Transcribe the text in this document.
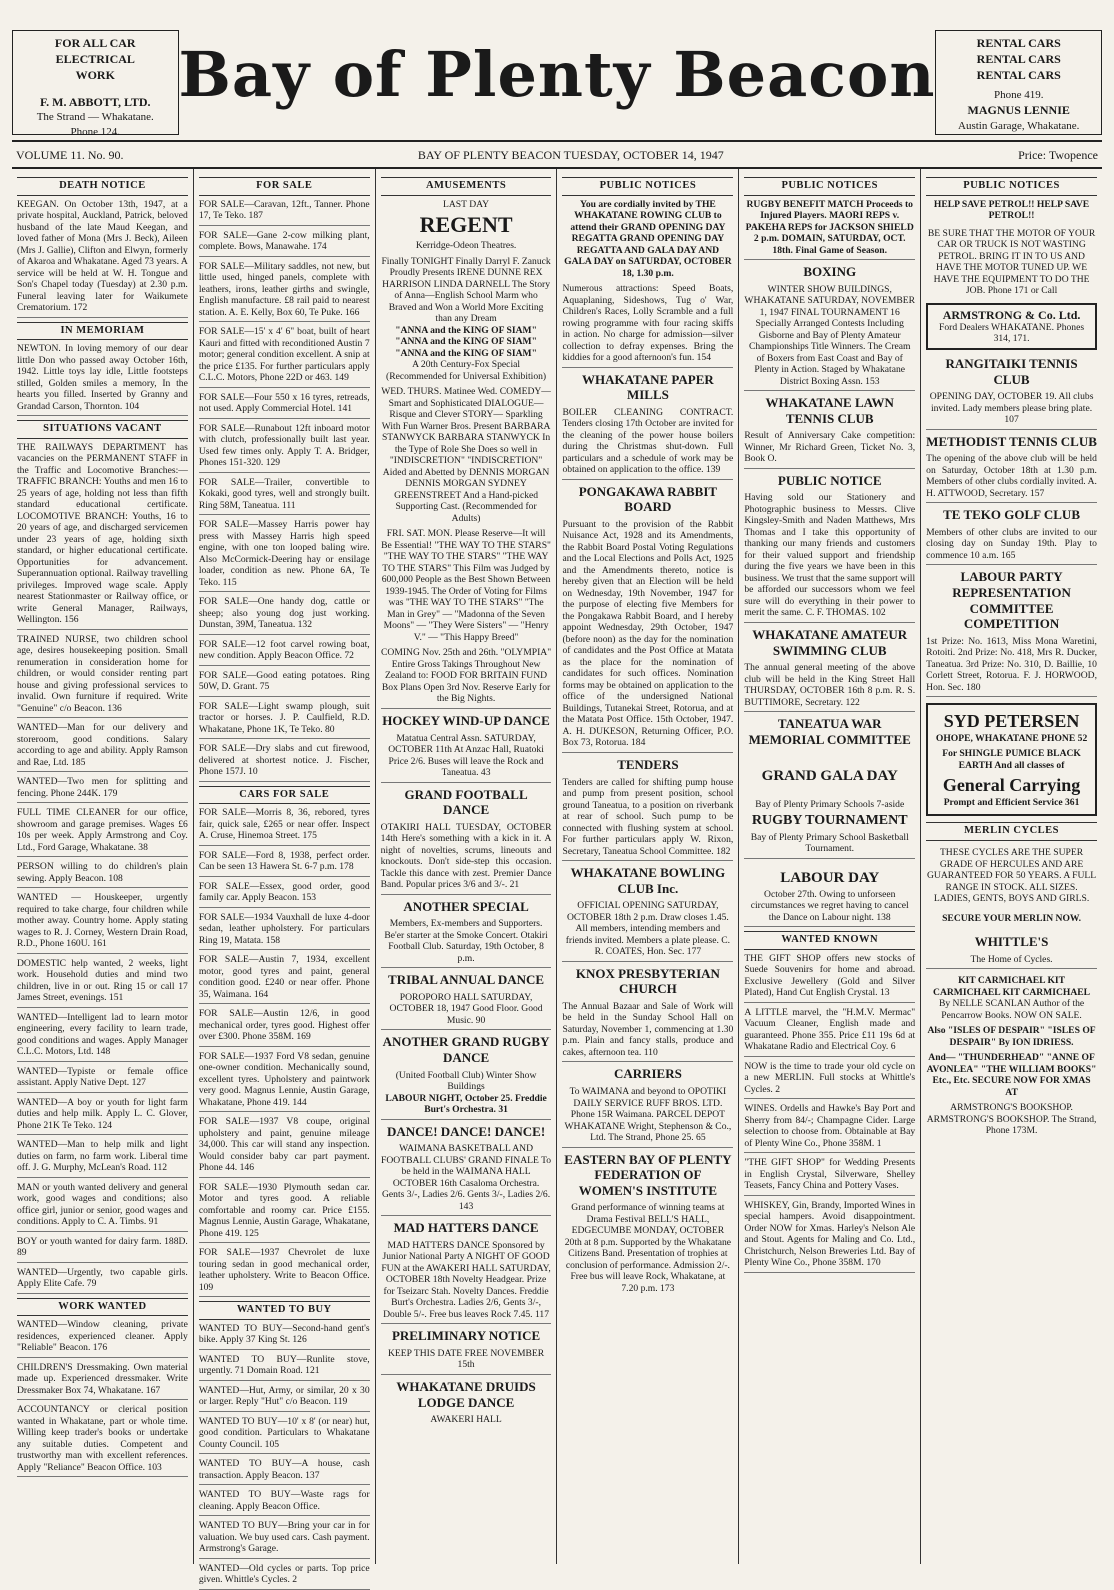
FOR ALL CAR ELECTRICAL
WORK
F. M. ABBOTT, LTD.
The Strand — Whakatane.
Phone 124.
Bay of Plenty Beacon	RENTAL CARS
RENTAL CARS
RENTAL CARS
Phone 419.
MAGNUS LENNIE
Austin Garage, Whakatane.
VOLUME 11. No. 90.	BAY OF PLENTY BEACON TUESDAY, OCTOBER 14, 1947	Price: Twopence
DEATH NOTICE
KEEGAN. On October 13th, 1947, at a private hospital, Auckland, Patrick, beloved husband of the late Maud Keegan, and loved father of Mona (Mrs J. Beck), Aileen (Mrs J. Gallie), Clifton and Elwyn, formerly of Akaroa and Whakatane. Aged 73 years. A service will be held at W. H. Tongue and Son's Chapel today (Tuesday) at 2.30 p.m. Funeral leaving later for Waikumete Crematorium. 172
IN MEMORIAM
NEWTON. In loving memory of our dear little Don who passed away October 16th, 1942. Little toys lay idle, Little footsteps stilled, Golden smiles a memory, In the hearts you filled. Inserted by Granny and Grandad Carson, Thornton. 104
SITUATIONS VACANT
THE RAILWAYS DEPARTMENT has vacancies on the PERMANENT STAFF in the Traffic and Locomotive Branches:— TRAFFIC BRANCH: Youths and men 16 to 25 years of age, holding not less than fifth standard educational certificate. LOCOMOTIVE BRANCH: Youths, 16 to 20 years of age, and discharged servicemen under 23 years of age, holding sixth standard, or higher educational certificate. Opportunities for advancement. Superannuation optional. Railway travelling privileges. Improved wage scale. Apply nearest Stationmaster or Railway office, or write General Manager, Railways, Wellington. 156
TRAINED NURSE, two children school age, desires housekeeping position. Small renumeration in consideration home for children, or would consider renting part house and giving professional services to invalid. Own furniture if required. Write "Genuine" c/o Beacon. 136
WANTED—Man for our delivery and storeroom, good conditions. Salary according to age and ability. Apply Ramson and Rae, Ltd. 185
WANTED—Two men for splitting and fencing. Phone 244K. 179
FULL TIME CLEANER for our office, showroom and garage premises. Wages £6 10s per week. Apply Armstrong and Coy. Ltd., Ford Garage, Whakatane. 38
PERSON willing to do children's plain sewing. Apply Beacon. 108
WANTED — Houskeeper, urgently required to take charge, four children while mother away. Country home. Apply stating wages to R. J. Corney, Western Drain Road, R.D., Phone 160U. 161
DOMESTIC help wanted, 2 weeks, light work. Household duties and mind two children, live in or out. Ring 15 or call 17 James Street, evenings. 151
WANTED—Intelligent lad to learn motor engineering, every facility to learn trade, good conditions and wages. Apply Manager C.L.C. Motors, Ltd. 148
WANTED—Typiste or female office assistant. Apply Native Dept. 127
WANTED—A boy or youth for light farm duties and help milk. Apply L. C. Glover, Phone 21K Te Teko. 124
WANTED—Man to help milk and light duties on farm, no farm work. Liberal time off. J. G. Murphy, McLean's Road. 112
MAN or youth wanted delivery and general work, good wages and conditions; also office girl, junior or senior, good wages and conditions. Apply to C. A. Timbs. 91
BOY or youth wanted for dairy farm. 188D. 89
WANTED—Urgently, two capable girls. Apply Elite Cafe. 79
WORK WANTED
WANTED—Window cleaning, private residences, experienced cleaner. Apply "Reliable" Beacon. 176
CHILDREN'S Dressmaking. Own material made up. Experienced dressmaker. Write Dressmaker Box 74, Whakatane. 167
ACCOUNTANCY or clerical position wanted in Whakatane, part or whole time. Willing keep trader's books or undertake any suitable duties. Competent and trustworthy man with excellent references. Apply "Reliance" Beacon Office. 103
FOR SALE
FOR SALE—Caravan, 12ft., Tanner. Phone 17, Te Teko. 187
FOR SALE—Gane 2-cow milking plant, complete. Bows, Manawahe. 174
FOR SALE—Military saddles, not new, but little used, hinged panels, complete with leathers, irons, leather girths and swingle, English manufacture. £8 rail paid to nearest station. A. E. Kelly, Box 60, Te Puke. 166
FOR SALE—15' x 4' 6" boat, built of heart Kauri and fitted with reconditioned Austin 7 motor; general condition excellent. A snip at the price £135. For further particulars apply C.L.C. Motors, Phone 22D or 463. 149
FOR SALE—Four 550 x 16 tyres, retreads, not used. Apply Commercial Hotel. 141
FOR SALE—Runabout 12ft inboard motor with clutch, professionally built last year. Used few times only. Apply T. A. Bridger, Phones 151-320. 129
FOR SALE—Trailer, convertible to Kokaki, good tyres, well and strongly built. Ring 58M, Taneatua. 111
FOR SALE—Massey Harris power hay press with Massey Harris high speed engine, with one ton looped baling wire. Also McCormick-Deering hay or ensilage loader, condition as new. Phone 6A, Te Teko. 115
FOR SALE—One handy dog, cattle or sheep; also young dog just working. Dunstan, 39M, Taneatua. 132
FOR SALE—12 foot carvel rowing boat, new condition. Apply Beacon Office. 72
FOR SALE—Good eating potatoes. Ring 50W, D. Grant. 75
FOR SALE—Light swamp plough, suit tractor or horses. J. P. Caulfield, R.D. Whakatane, Phone 1K, Te Teko. 80
FOR SALE—Dry slabs and cut firewood, delivered at shortest notice. J. Fischer, Phone 157J. 10
CARS FOR SALE
FOR SALE—Morris 8, 36, rebored, tyres fair, quick sale, £265 or near offer. Inspect A. Cruse, Hinemoa Street. 175
FOR SALE—Ford 8, 1938, perfect order. Can be seen 13 Hawera St. 6-7 p.m. 178
FOR SALE—Essex, good order, good family car. Apply Beacon. 153
FOR SALE—1934 Vauxhall de luxe 4-door sedan, leather upholstery. For particulars Ring 19, Matata. 158
FOR SALE—Austin 7, 1934, excellent motor, good tyres and paint, general condition good. £240 or near offer. Phone 35, Waimana. 164
FOR SALE—Austin 12/6, in good mechanical order, tyres good. Highest offer over £300. Phone 358M. 169
FOR SALE—1937 Ford V8 sedan, genuine one-owner condition. Mechanically sound, excellent tyres. Upholstery and paintwork very good. Magnus Lennie, Austin Garage, Whakatane, Phone 419. 144
FOR SALE—1937 V8 coupe, original upholstery and paint, genuine mileage 34,000. This car will stand any inspection. Would consider baby car part payment. Phone 44. 146
FOR SALE—1930 Plymouth sedan car. Motor and tyres good. A reliable comfortable and roomy car. Price £155. Magnus Lennie, Austin Garage, Whakatane, Phone 419. 125
FOR SALE—1937 Chevrolet de luxe touring sedan in good mechanical order, leather upholstery. Write to Beacon Office. 109
WANTED TO BUY
WANTED TO BUY—Second-hand gent's bike. Apply 37 King St. 126
WANTED TO BUY—Runlite stove, urgently. 71 Domain Road. 121
WANTED—Hut, Army, or similar, 20 x 30 or larger. Reply "Hut" c/o Beacon. 119
WANTED TO BUY—10' x 8' (or near) hut, good condition. Particulars to Whakatane County Council. 105
WANTED TO BUY—A house, cash transaction. Apply Beacon. 137
WANTED TO BUY—Waste rags for cleaning. Apply Beacon Office.
WANTED TO BUY—Bring your car in for valuation. We buy used cars. Cash payment. Armstrong's Garage.
WANTED—Old cycles or parts. Top price given. Whittle's Cycles. 2
AMUSEMENTS
LAST DAY
REGENT
Kerridge-Odeon Theatres.
Finally TONIGHT Finally Darryl F. Zanuck Proudly Presents IRENE DUNNE REX HARRISON LINDA DARNELL The Story of Anna—English School Marm who Braved and Won a World More Exciting than any Dream
"ANNA and the KING OF SIAM" "ANNA and the KING OF SIAM" "ANNA and the KING OF SIAM"
A 20th Century-Fox Special (Recommended for Universal Exhibition)
WED. THURS. Matinee Wed. COMEDY— Smart and Sophisticated DIALOGUE— Risque and Clever STORY— Sparkling With Fun Warner Bros. Present BARBARA STANWYCK BARBARA STANWYCK In the Type of Role She Does so well in "INDISCRETION" "INDISCRETION" Aided and Abetted by DENNIS MORGAN DENNIS MORGAN SYDNEY GREENSTREET And a Hand-picked Supporting Cast. (Recommended for Adults)
FRI. SAT. MON. Please Reserve—It will Be Essential! "THE WAY TO THE STARS" "THE WAY TO THE STARS" "THE WAY TO THE STARS" This Film was Judged by 600,000 People as the Best Shown Between 1939-1945. The Order of Voting for Films was "THE WAY TO THE STARS" "The Man in Grey" — "Madonna of the Seven Moons" — "They Were Sisters" — "Henry V." — "This Happy Breed"
COMING Nov. 25th and 26th. "OLYMPIA" Entire Gross Takings Throughout New Zealand to: FOOD FOR BRITAIN FUND Box Plans Open 3rd Nov. Reserve Early for the Big Nights.
HOCKEY WIND-UP DANCE
Matatua Central Assn. SATURDAY, OCTOBER 11th At Anzac Hall, Ruatoki Price 2/6. Buses will leave the Rock and Taneatua. 43
GRAND FOOTBALL DANCE
OTAKIRI HALL TUESDAY, OCTOBER 14th Here's something with a kick in it. A night of novelties, scrums, lineouts and knockouts. Don't side-step this occasion. Tackle this dance with zest. Premier Dance Band. Popular prices 3/6 and 3/-. 21
ANOTHER SPECIAL
Members, Ex-members and Supporters. Be'er starter at the Smoke Concert. Otakiri Football Club. Saturday, 19th October, 8 p.m.
TRIBAL ANNUAL DANCE
POROPORO HALL SATURDAY, OCTOBER 18, 1947 Good Floor. Good Music. 90
ANOTHER GRAND RUGBY DANCE
(United Football Club) Winter Show Buildings
LABOUR NIGHT, October 25. Freddie Burt's Orchestra. 31
DANCE! DANCE! DANCE!
WAIMANA BASKETBALL AND FOOTBALL CLUBS' GRAND FINALE To be held in the WAIMANA HALL OCTOBER 16th Casaloma Orchestra. Gents 3/-, Ladies 2/6. Gents 3/-, Ladies 2/6. 143
MAD HATTERS DANCE
MAD HATTERS DANCE Sponsored by Junior National Party A NIGHT OF GOOD FUN at the AWAKERI HALL SATURDAY, OCTOBER 18th Novelty Headgear. Prize for Tseizarc Stah. Novelty Dances. Freddie Burt's Orchestra. Ladies 2/6, Gents 3/-, Double 5/-. Free bus leaves Rock 7.45. 117
PRELIMINARY NOTICE
KEEP THIS DATE FREE NOVEMBER 15th
WHAKATANE DRUIDS LODGE DANCE
AWAKERI HALL
PUBLIC NOTICES
You are cordially invited by THE WHAKATANE ROWING CLUB to attend their GRAND OPENING DAY REGATTA GRAND OPENING DAY REGATTA AND GALA DAY AND GALA DAY on SATURDAY, OCTOBER 18, 1.30 p.m.
Numerous attractions: Speed Boats, Aquaplaning, Sideshows, Tug o' War, Children's Races, Lolly Scramble and a full rowing programme with four racing skiffs in action. No charge for admission—silver collection to defray expenses. Bring the kiddies for a good afternoon's fun. 154
WHAKATANE PAPER MILLS
BOILER CLEANING CONTRACT. Tenders closing 17th October are invited for the cleaning of the power house boilers during the Christmas shut-down. Full particulars and a schedule of work may be obtained on application to the office. 139
PONGAKAWA RABBIT BOARD
Pursuant to the provision of the Rabbit Nuisance Act, 1928 and its Amendments, the Rabbit Board Postal Voting Regulations and the Local Elections and Polls Act, 1925 and the Amendments thereto, notice is hereby given that an Election will be held on Wednesday, 19th November, 1947 for the purpose of electing five Members for the Pongakawa Rabbit Board, and I hereby appoint Wednesday, 29th October, 1947 (before noon) as the day for the nomination of candidates and the Post Office at Matata as the place for the nomination of candidates for such offices. Nomination forms may be obtained on application to the office of the undersigned National Buildings, Tutanekai Street, Rotorua, and at the Matata Post Office. 15th October, 1947. A. H. DUKESON, Returning Officer, P.O. Box 73, Rotorua. 184
TENDERS
Tenders are called for shifting pump house and pump from present position, school ground Taneatua, to a position on riverbank at rear of school. Such pump to be connected with flushing system at school. For further particulars apply W. Rixon, Secretary, Taneatua School Committee. 182
WHAKATANE BOWLING CLUB Inc.
OFFICIAL OPENING SATURDAY, OCTOBER 18th 2 p.m. Draw closes 1.45. All members, intending members and friends invited. Members a plate please. C. R. COATES, Hon. Sec. 177
KNOX PRESBYTERIAN CHURCH
The Annual Bazaar and Sale of Work will be held in the Sunday School Hall on Saturday, November 1, commencing at 1.30 p.m. Plain and fancy stalls, produce and cakes, afternoon tea. 110
CARRIERS
To WAIMANA and beyond to OPOTIKI DAILY SERVICE RUFF BROS. LTD. Phone 15R Waimana. PARCEL DEPOT WHAKATANE Wright, Stephenson & Co., Ltd. The Strand, Phone 25. 65
EASTERN BAY OF PLENTY FEDERATION OF WOMEN'S INSTITUTE
Grand performance of winning teams at Drama Festival BELL'S HALL, EDGECUMBE MONDAY, OCTOBER 20th at 8 p.m. Supported by the Whakatane Citizens Band. Presentation of trophies at conclusion of performance. Admission 2/-. Free bus will leave Rock, Whakatane, at 7.20 p.m. 173
PUBLIC NOTICES
RUGBY BENEFIT MATCH Proceeds to Injured Players. MAORI REPS v. PAKEHA REPS for JACKSON SHIELD 2 p.m. DOMAIN, SATURDAY, OCT. 18th. Final Game of Season.
BOXING
WINTER SHOW BUILDINGS, WHAKATANE SATURDAY, NOVEMBER 1, 1947 FINAL TOURNAMENT 16 Specially Arranged Contests Including Gisborne and Bay of Plenty Amateur Championships Title Winners. The Cream of Boxers from East Coast and Bay of Plenty in Action. Staged by Whakatane District Boxing Assn. 153
WHAKATANE LAWN TENNIS CLUB
Result of Anniversary Cake competition: Winner, Mr Richard Green, Ticket No. 3, Book O.
PUBLIC NOTICE
Having sold our Stationery and Photographic business to Messrs. Clive Kingsley-Smith and Naden Matthews, Mrs Thomas and I take this opportunity of thanking our many friends and customers for their valued support and friendship during the five years we have been in this business. We trust that the same support will be afforded our successors whom we feel sure will do everything in their power to merit the same. C. F. THOMAS. 102
WHAKATANE AMATEUR SWIMMING CLUB
The annual general meeting of the above club will be held in the King Street Hall THURSDAY, OCTOBER 16th 8 p.m. R. S. BUTTIMORE, Secretary. 122
TANEATUA WAR MEMORIAL COMMITTEE
GRAND GALA DAY
Bay of Plenty Primary Schools 7-aside
RUGBY TOURNAMENT
Bay of Plenty Primary School Basketball Tournament.
LABOUR DAY
October 27th. Owing to unforseen circumstances we regret having to cancel the Dance on Labour night. 138
WANTED KNOWN
THE GIFT SHOP offers new stocks of Suede Souvenirs for home and abroad. Exclusive Jewellery (Gold and Silver Plated), Hand Cut English Crystal. 13
A LITTLE marvel, the "H.M.V. Mermac" Vacuum Cleaner, English made and guaranteed. Phone 355. Price £11 19s 6d at Whakatane Radio and Electrical Coy. 6
NOW is the time to trade your old cycle on a new MERLIN. Full stocks at Whittle's Cycles. 2
WINES. Ordells and Hawke's Bay Port and Sherry from 84/-; Champagne Cider. Large selection to choose from. Obtainable at Bay of Plenty Wine Co., Phone 358M. 1
"THE GIFT SHOP" for Wedding Presents in English Crystal, Silverware, Shelley Teasets, Fancy China and Pottery Vases.
WHISKEY, Gin, Brandy, Imported Wines in special hampers. Avoid disappointment. Order NOW for Xmas. Harley's Nelson Ale and Stout. Agents for Maling and Co. Ltd., Christchurch, Nelson Breweries Ltd. Bay of Plenty Wine Co., Phone 358M. 170
PUBLIC NOTICES
HELP SAVE PETROL!! HELP SAVE PETROL!!
BE SURE THAT THE MOTOR OF YOUR CAR OR TRUCK IS NOT WASTING PETROL. BRING IT IN TO US AND HAVE THE MOTOR TUNED UP. WE HAVE THE EQUIPMENT TO DO THE JOB. Phone 171 or Call
ARMSTRONG & Co. Ltd.
Ford Dealers WHAKATANE. Phones 314, 171.
RANGITAIKI TENNIS CLUB
OPENING DAY, OCTOBER 19. All clubs invited. Lady members please bring plate. 107
METHODIST TENNIS CLUB
The opening of the above club will be held on Saturday, October 18th at 1.30 p.m. Members of other clubs cordially invited. A. H. ATTWOOD, Secretary. 157
TE TEKO GOLF CLUB
Members of other clubs are invited to our closing day on Sunday 19th. Play to commence 10 a.m. 165
LABOUR PARTY REPRESENTATION COMMITTEE COMPETITION
1st Prize: No. 1613, Miss Mona Waretini, Rotoiti. 2nd Prize: No. 418, Mrs R. Ducker, Taneatua. 3rd Prize: No. 310, D. Baillie, 10 Corlett Street, Rotorua. F. J. HORWOOD, Hon. Sec. 180
SYD PETERSEN
OHOPE, WHAKATANE PHONE 52
For SHINGLE PUMICE BLACK EARTH And all classes of
General Carrying
Prompt and Efficient Service 361
MERLIN CYCLES
THESE CYCLES ARE THE SUPER GRADE OF HERCULES AND ARE GUARANTEED FOR 50 YEARS. A FULL RANGE IN STOCK. ALL SIZES. LADIES, GENTS, BOYS AND GIRLS.
SECURE YOUR MERLIN NOW.
WHITTLE'S
The Home of Cycles.
KIT CARMICHAEL KIT CARMICHAEL KIT CARMICHAEL
By NELLE SCANLAN Author of the Pencarrow Books. NOW ON SALE.
Also "ISLES OF DESPAIR" "ISLES OF DESPAIR" By ION IDRIESS.
And— "THUNDERHEAD" "ANNE OF AVONLEA" "THE WILLIAM BOOKS" Etc., Etc. SECURE NOW FOR XMAS AT
ARMSTRONG'S BOOKSHOP. ARMSTRONG'S BOOKSHOP. The Strand, Phone 173M.
